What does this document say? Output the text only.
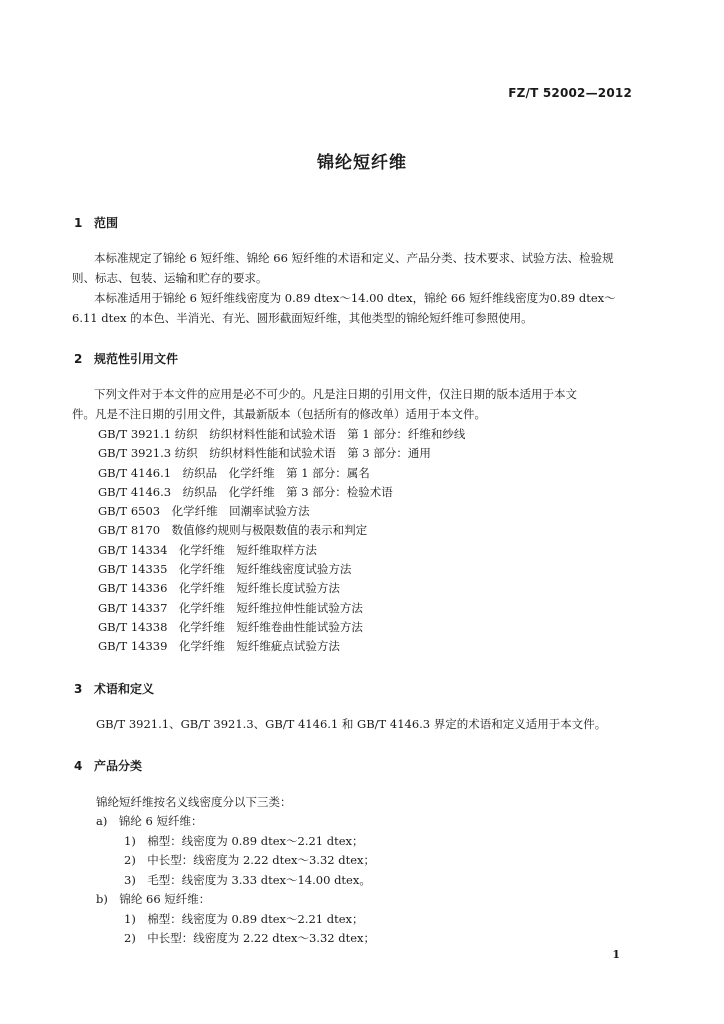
FZ/T 52002—2012
锦纶短纤维
1 范围
本标准规定了锦纶 6 短纤维、锦纶 66 短纤维的术语和定义、产品分类、技术要求、试验方法、检验规
则、标志、包装、运输和贮存的要求。
本标准适用于锦纶 6 短纤维线密度为 0.89 dtex～14.00 dtex，锦纶 66 短纤维线密度为0.89 dtex～
6.11 dtex 的本色、半消光、有光、圆形截面短纤维，其他类型的锦纶短纤维可参照使用。
2 规范性引用文件
下列文件对于本文件的应用是必不可少的。凡是注日期的引用文件，仅注日期的版本适用于本文
件。凡是不注日期的引用文件，其最新版本（包括所有的修改单）适用于本文件。
GB/T 3921.1 纺织　纺织材料性能和试验术语　第 1 部分：纤维和纱线
GB/T 3921.3 纺织　纺织材料性能和试验术语　第 3 部分：通用
GB/T 4146.1　纺织品　化学纤维　第 1 部分：属名
GB/T 4146.3　纺织品　化学纤维　第 3 部分：检验术语
GB/T 6503　化学纤维　回潮率试验方法
GB/T 8170　数值修约规则与极限数值的表示和判定
GB/T 14334　化学纤维　短纤维取样方法
GB/T 14335　化学纤维　短纤维线密度试验方法
GB/T 14336　化学纤维　短纤维长度试验方法
GB/T 14337　化学纤维　短纤维拉伸性能试验方法
GB/T 14338　化学纤维　短纤维卷曲性能试验方法
GB/T 14339　化学纤维　短纤维疵点试验方法
3 术语和定义
GB/T 3921.1、GB/T 3921.3、GB/T 4146.1 和 GB/T 4146.3 界定的术语和定义适用于本文件。
4 产品分类
锦纶短纤维按名义线密度分以下三类：
a)　锦纶 6 短纤维：
1)　棉型：线密度为 0.89 dtex～2.21 dtex；
2)　中长型：线密度为 2.22 dtex～3.32 dtex；
3)　毛型：线密度为 3.33 dtex～14.00 dtex。
b)　锦纶 66 短纤维：
1)　棉型：线密度为 0.89 dtex～2.21 dtex；
2)　中长型：线密度为 2.22 dtex～3.32 dtex；
1
